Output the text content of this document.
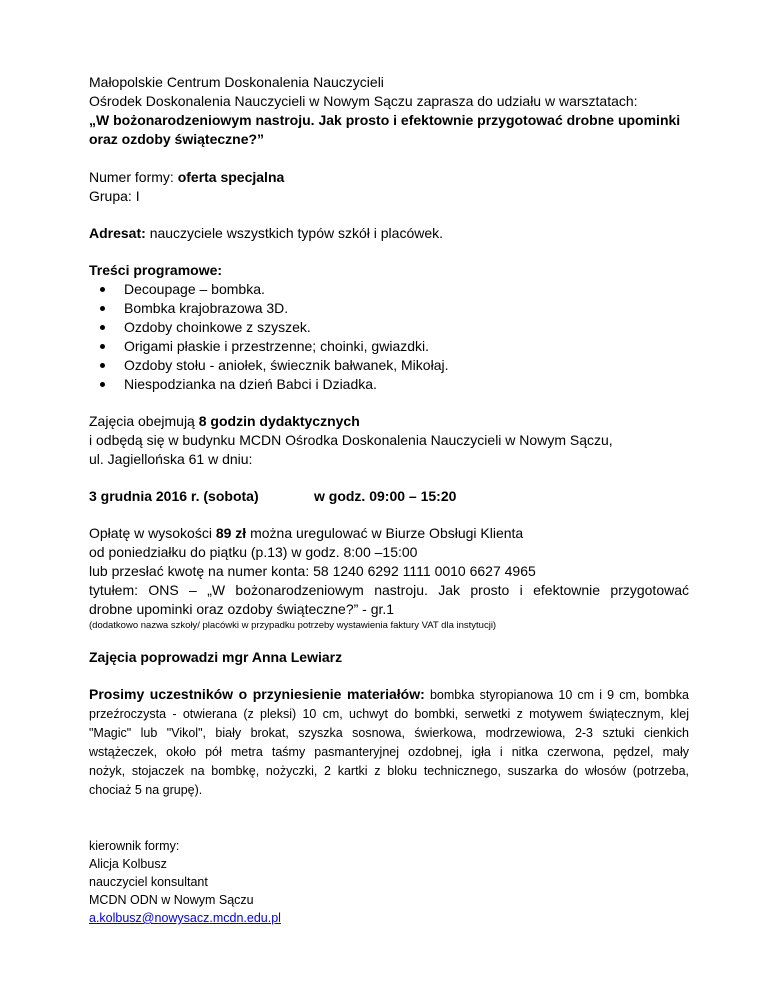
Małopolskie Centrum Doskonalenia Nauczycieli
Ośrodek Doskonalenia Nauczycieli w Nowym Sączu zaprasza do udziału w warsztatach:
„W bożonarodzeniowym nastroju. Jak prosto i efektownie przygotować drobne upominki
oraz ozdoby świąteczne?”
Numer formy: oferta specjalna
Grupa: I
Adresat: nauczyciele wszystkich typów szkół i placówek.
Treści programowe:
Decoupage – bombka.
Bombka krajobrazowa 3D.
Ozdoby choinkowe z szyszek.
Origami płaskie i przestrzenne; choinki, gwiazdki.
Ozdoby stołu - aniołek, świecznik bałwanek, Mikołaj.
Niespodzianka na dzień Babci i Dziadka.
Zajęcia obejmują 8 godzin dydaktycznych
i odbędą się w budynku MCDN Ośrodka Doskonalenia Nauczycieli w Nowym Sączu,
ul. Jagiellońska 61 w dniu:
3 grudnia 2016 r. (sobota)	w godz. 09:00 – 15:20
Opłatę w wysokości 89 zł można uregulować w Biurze Obsługi Klienta
od poniedziałku do piątku (p.13) w godz. 8:00 –15:00
lub przesłać kwotę na numer konta: 58 1240 6292 1111 0010 6627 4965
tytułem: ONS – „W bożonarodzeniowym nastroju. Jak prosto i efektownie przygotować
drobne upominki oraz ozdoby świąteczne?” - gr.1
(dodatkowo nazwa szkoły/ placówki w przypadku potrzeby wystawienia faktury VAT dla instytucji)
Zajęcia poprowadzi mgr Anna Lewiarz
Prosimy uczestników o przyniesienie materiałów: bombka styropianowa 10 cm i 9 cm, bombka
przeźroczysta - otwierana (z pleksi) 10 cm, uchwyt do bombki, serwetki z motywem świątecznym, klej
"Magic" lub "Vikol", biały brokat, szyszka sosnowa, świerkowa, modrzewiowa, 2-3 sztuki cienkich
wstążeczek, około pół metra taśmy pasmanteryjnej ozdobnej, igła i nitka czerwona, pędzel, mały
nożyk, stojaczek na bombkę, nożyczki, 2 kartki z bloku technicznego, suszarka do włosów (potrzeba,
chociaż 5 na grupę).
kierownik formy:
Alicja Kolbusz
nauczyciel konsultant
MCDN ODN w Nowym Sączu
a.kolbusz@nowysacz.mcdn.edu.pl
